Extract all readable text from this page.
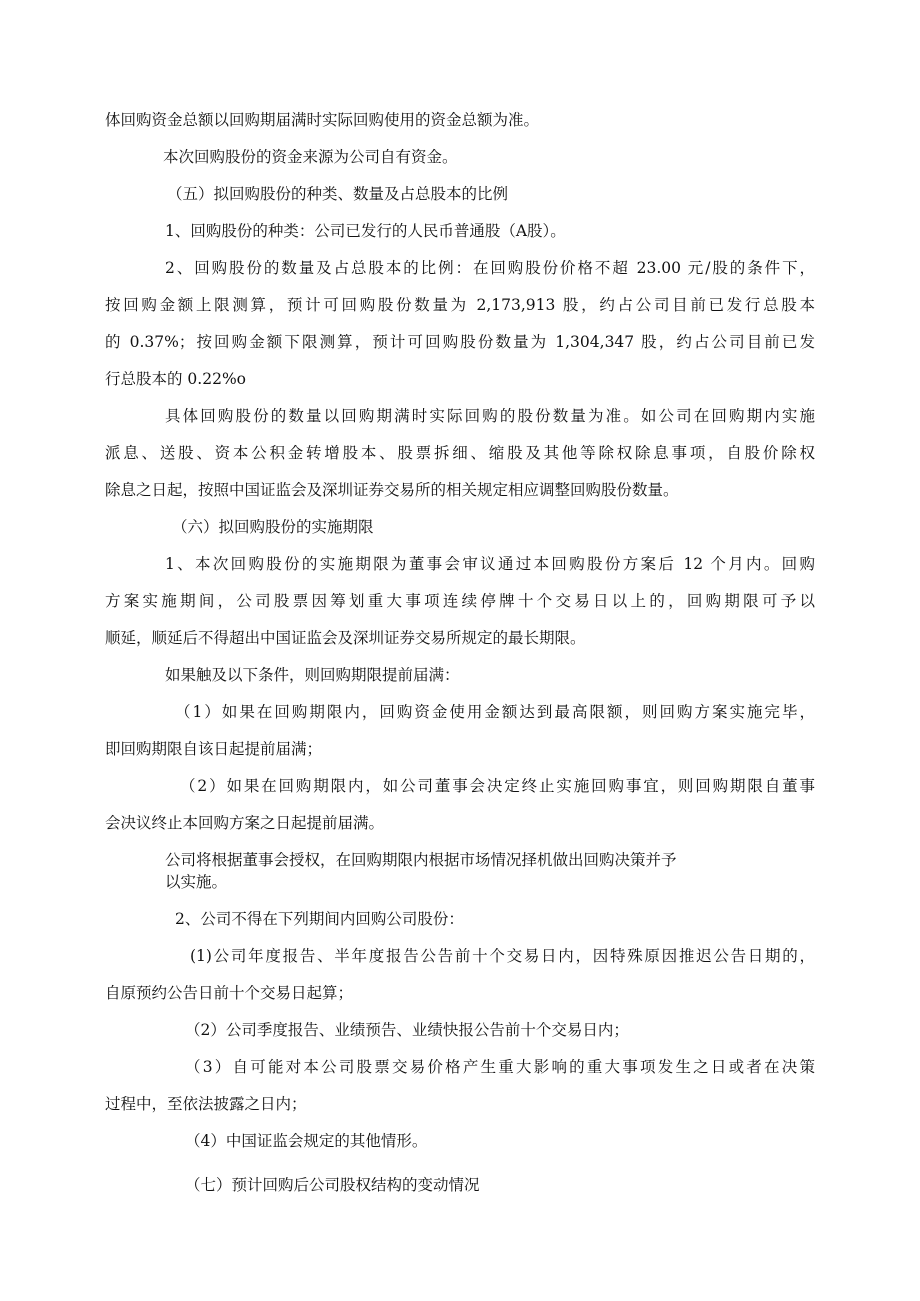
体回购资金总额以回购期届满时实际回购使用的资金总额为准。
本次回购股份的资金来源为公司自有资金。
（五）拟回购股份的种类、数量及占总股本的比例
1、回购股份的种类：公司已发行的人民币普通股（A股）。
2、回购股份的数量及占总股本的比例：在回购股份价格不超 23.00 元/股的条件下，
按回购金额上限测算，预计可回购股份数量为 2,173,913 股，约占公司目前已发行总股本
的 0.37%；按回购金额下限测算，预计可回购股份数量为 1,304,347 股，约占公司目前已发
行总股本的 0.22%o
具体回购股份的数量以回购期满时实际回购的股份数量为准。如公司在回购期内实施
派息、送股、资本公积金转增股本、股票拆细、缩股及其他等除权除息事项，自股价除权
除息之日起，按照中国证监会及深圳证券交易所的相关规定相应调整回购股份数量。
（六）拟回购股份的实施期限
1、本次回购股份的实施期限为董事会审议通过本回购股份方案后 12 个月内。回购
方案实施期间，公司股票因筹划重大事项连续停牌十个交易日以上的，回购期限可予以
顺延，顺延后不得超出中国证监会及深圳证券交易所规定的最长期限。
如果触及以下条件，则回购期限提前届满：
（1）如果在回购期限内，回购资金使用金额达到最高限额，则回购方案实施完毕，
即回购期限自该日起提前届满；
（2）如果在回购期限内，如公司董事会决定终止实施回购事宜，则回购期限自董事
会决议终止本回购方案之日起提前届满。
公司将根据董事会授权，在回购期限内根据市场情况择机做出回购决策并予
以实施。
2、公司不得在下列期间内回购公司股份：
(1)公司年度报告、半年度报告公告前十个交易日内，因特殊原因推迟公告日期的，
自原预约公告日前十个交易日起算；
（2）公司季度报告、业绩预告、业绩快报公告前十个交易日内；
（3）自可能对本公司股票交易价格产生重大影响的重大事项发生之日或者在决策
过程中，至依法披露之日内；
（4）中国证监会规定的其他情形。
（七）预计回购后公司股权结构的变动情况
